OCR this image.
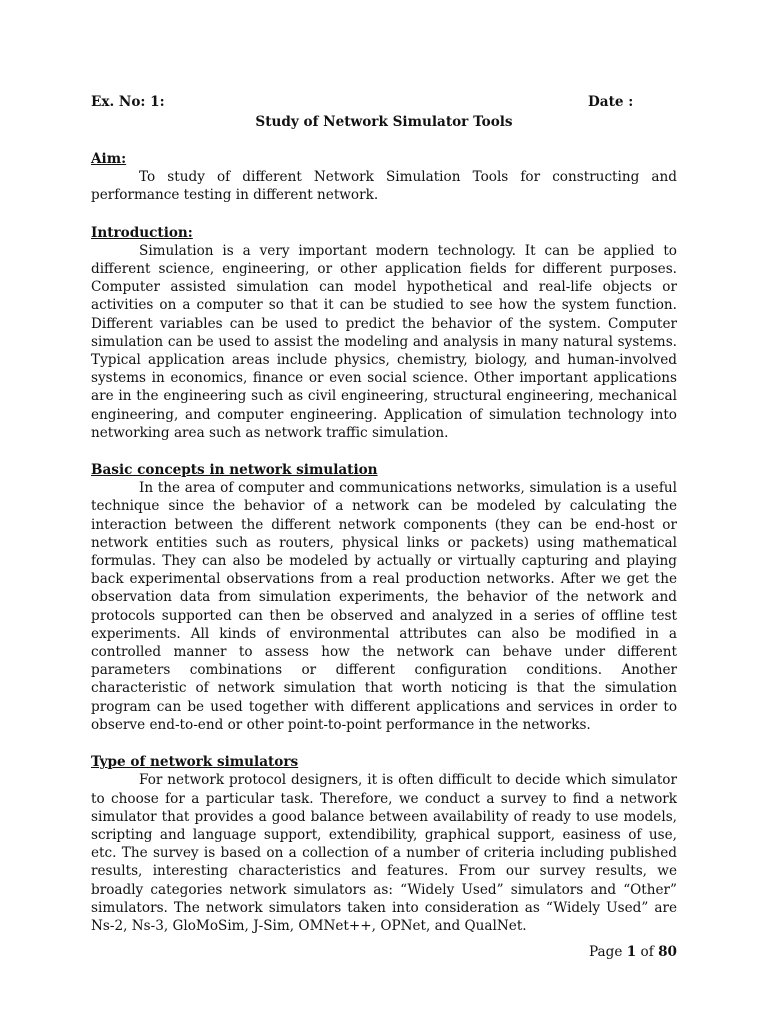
Ex. No: 1:	Date :
Study of Network Simulator Tools
Aim:

To study of different Network Simulation Tools for constructing and performance testing in different network.

Introduction:

Simulation is a very important modern technology. It can be applied to different science, engineering, or other application fields for different purposes. Computer assisted simulation can model hypothetical and real-life objects or activities on a computer so that it can be studied to see how the system function. Different variables can be used to predict the behavior of the system. Computer simulation can be used to assist the modeling and analysis in many natural systems. Typical application areas include physics, chemistry, biology, and human-involved systems in economics, finance or even social science. Other important applications are in the engineering such as civil engineering, structural engineering, mechanical engineering, and computer engineering. Application of simulation technology into networking area such as network traffic simulation.

Basic concepts in network simulation

In the area of computer and communications networks, simulation is a useful technique since the behavior of a network can be modeled by calculating the interaction between the different network components (they can be end-host or network entities such as routers, physical links or packets) using mathematical formulas. They can also be modeled by actually or virtually capturing and playing back experimental observations from a real production networks. After we get the observation data from simulation experiments, the behavior of the network and protocols supported can then be observed and analyzed in a series of offline test experiments. All kinds of environmental attributes can also be modified in a controlled manner to assess how the network can behave under different parameters combinations or different configuration conditions. Another characteristic of network simulation that worth noticing is that the simulation program can be used together with different applications and services in order to observe end-to-end or other point-to-point performance in the networks.

Type of network simulators

For network protocol designers, it is often difficult to decide which simulator to choose for a particular task. Therefore, we conduct a survey to find a network simulator that provides a good balance between availability of ready to use models, scripting and language support, extendibility, graphical support, easiness of use, etc. The survey is based on a collection of a number of criteria including published results, interesting characteristics and features. From our survey results, we broadly categories network simulators as: “Widely Used” simulators and “Other” simulators. The network simulators taken into consideration as “Widely Used” are Ns-2, Ns-3, GloMoSim, J-Sim, OMNet++, OPNet, and QualNet.

Page 1 of 80
